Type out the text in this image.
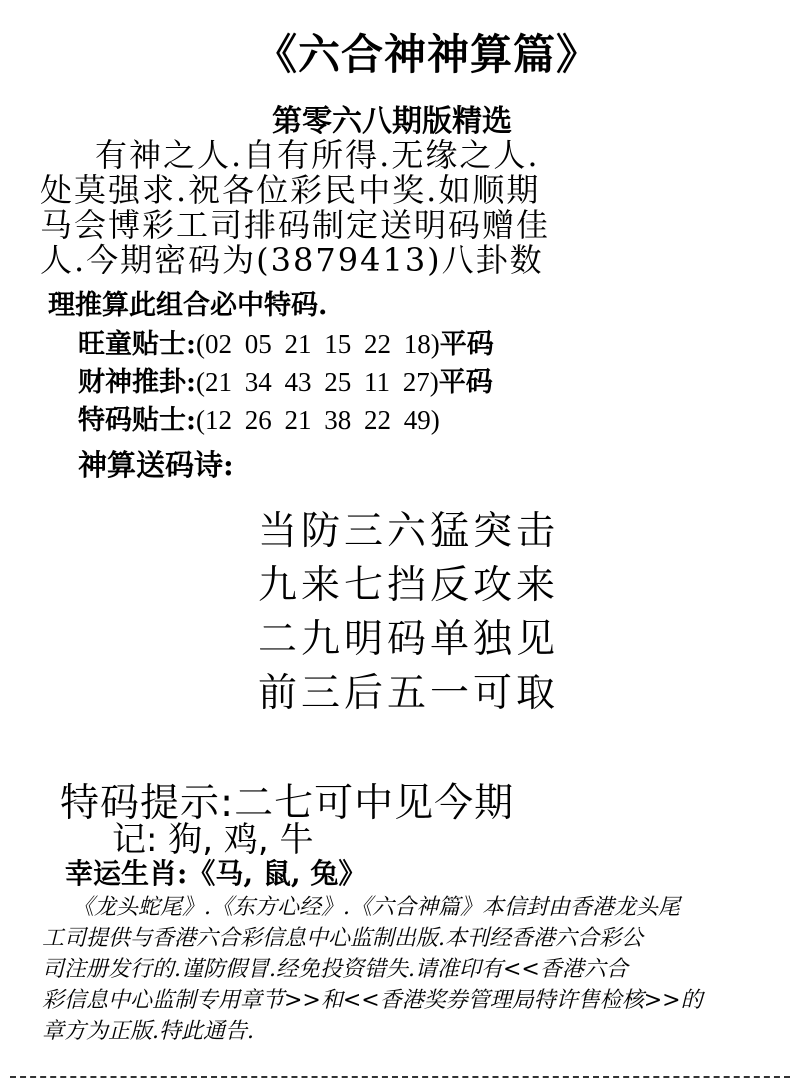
《六合神神算篇》
第零六八期版精选
有神之人.自有所得.无缘之人.
处莫强求.祝各位彩民中奖.如顺期
马会博彩工司排码制定送明码赠佳
人.今期密码为(3879413)八卦数
理推算此组合必中特码.
旺童贴士:(02 05 21 15 22 18)平码
财神推卦:(21 34 43 25 11 27)平码
特码贴士:(12 26 21 38 22 49)
神算送码诗:
当防三六猛突击
九来七挡反攻来
二九明码单独见
前三后五一可取
特码提示:二七可中见今期
记: 狗, 鸡, 牛
幸运生肖:《马, 鼠, 兔》
《龙头蛇尾》.《东方心经》.《六合神篇》本信封由香港龙头尾
工司提供与香港六合彩信息中心监制出版.本刊经香港六合彩公
司注册发行的.谨防假冒.经免投资错失.请准印有<<香港六合
彩信息中心监制专用章节>>和<<香港奖券管理局特许售检核>>的
章方为正版.特此通告.
